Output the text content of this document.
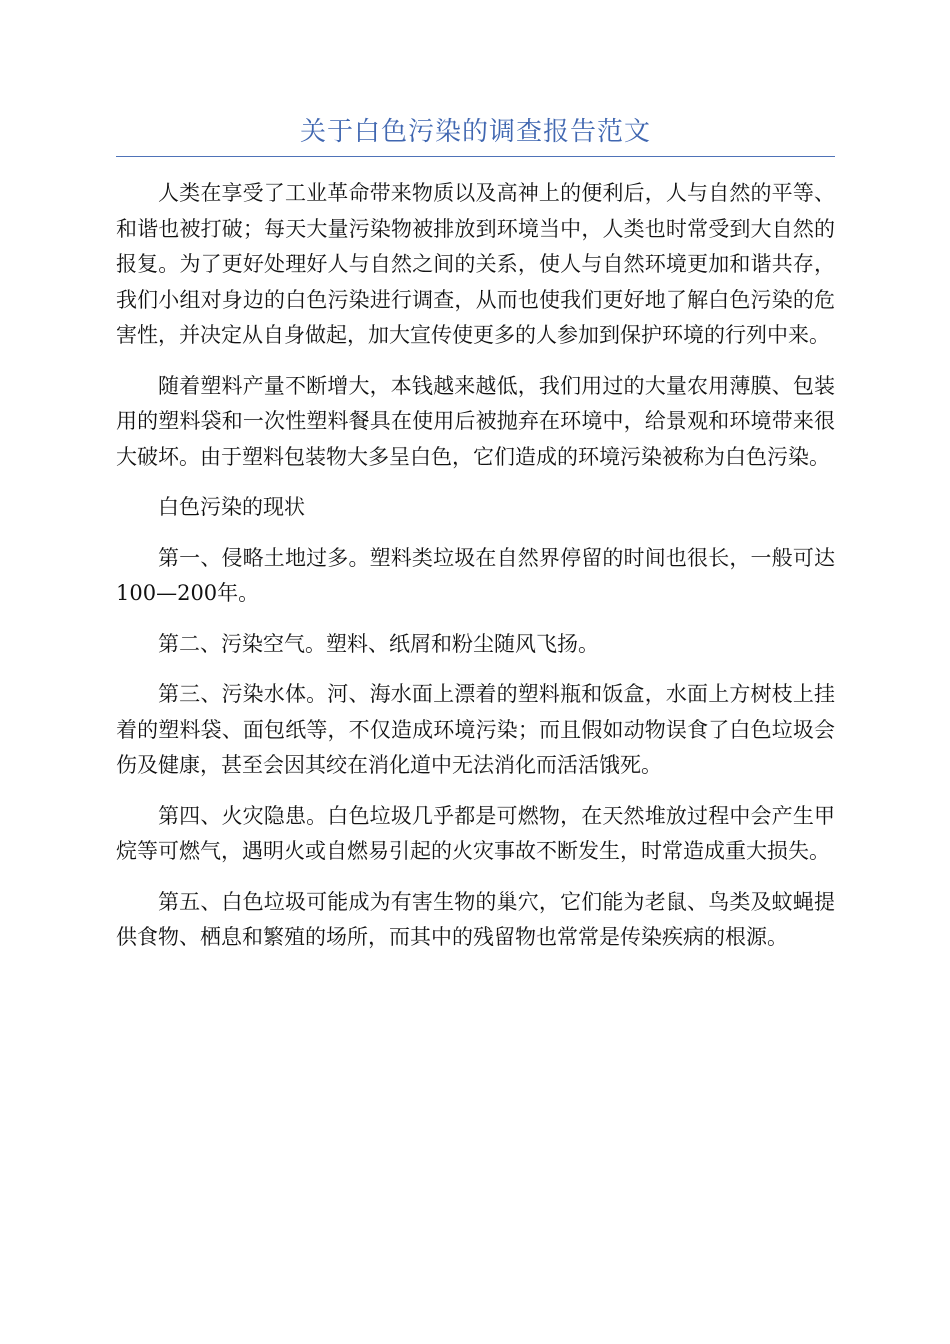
关于白色污染的调查报告范文

人类在享受了工业革命带来物质以及高神上的便利后，人与自然的平等、和谐也被打破；每天大量污染物被排放到环境当中，人类也时常受到大自然的报复。为了更好处理好人与自然之间的关系，使人与自然环境更加和谐共存，我们小组对身边的白色污染进行调查，从而也使我们更好地了解白色污染的危害性，并决定从自身做起，加大宣传使更多的人参加到保护环境的行列中来。

随着塑料产量不断增大，本钱越来越低，我们用过的大量农用薄膜、包装用的塑料袋和一次性塑料餐具在使用后被抛弃在环境中，给景观和环境带来很大破坏。由于塑料包装物大多呈白色，它们造成的环境污染被称为白色污染。

白色污染的现状

第一、侵略土地过多。塑料类垃圾在自然界停留的时间也很长，一般可达100—200年。

第二、污染空气。塑料、纸屑和粉尘随风飞扬。

第三、污染水体。河、海水面上漂着的塑料瓶和饭盒，水面上方树枝上挂着的塑料袋、面包纸等，不仅造成环境污染；而且假如动物误食了白色垃圾会伤及健康，甚至会因其绞在消化道中无法消化而活活饿死。

第四、火灾隐患。白色垃圾几乎都是可燃物，在天然堆放过程中会产生甲烷等可燃气，遇明火或自燃易引起的火灾事故不断发生，时常造成重大损失。

第五、白色垃圾可能成为有害生物的巢穴，它们能为老鼠、鸟类及蚊蝇提供食物、栖息和繁殖的场所，而其中的残留物也常常是传染疾病的根源。
